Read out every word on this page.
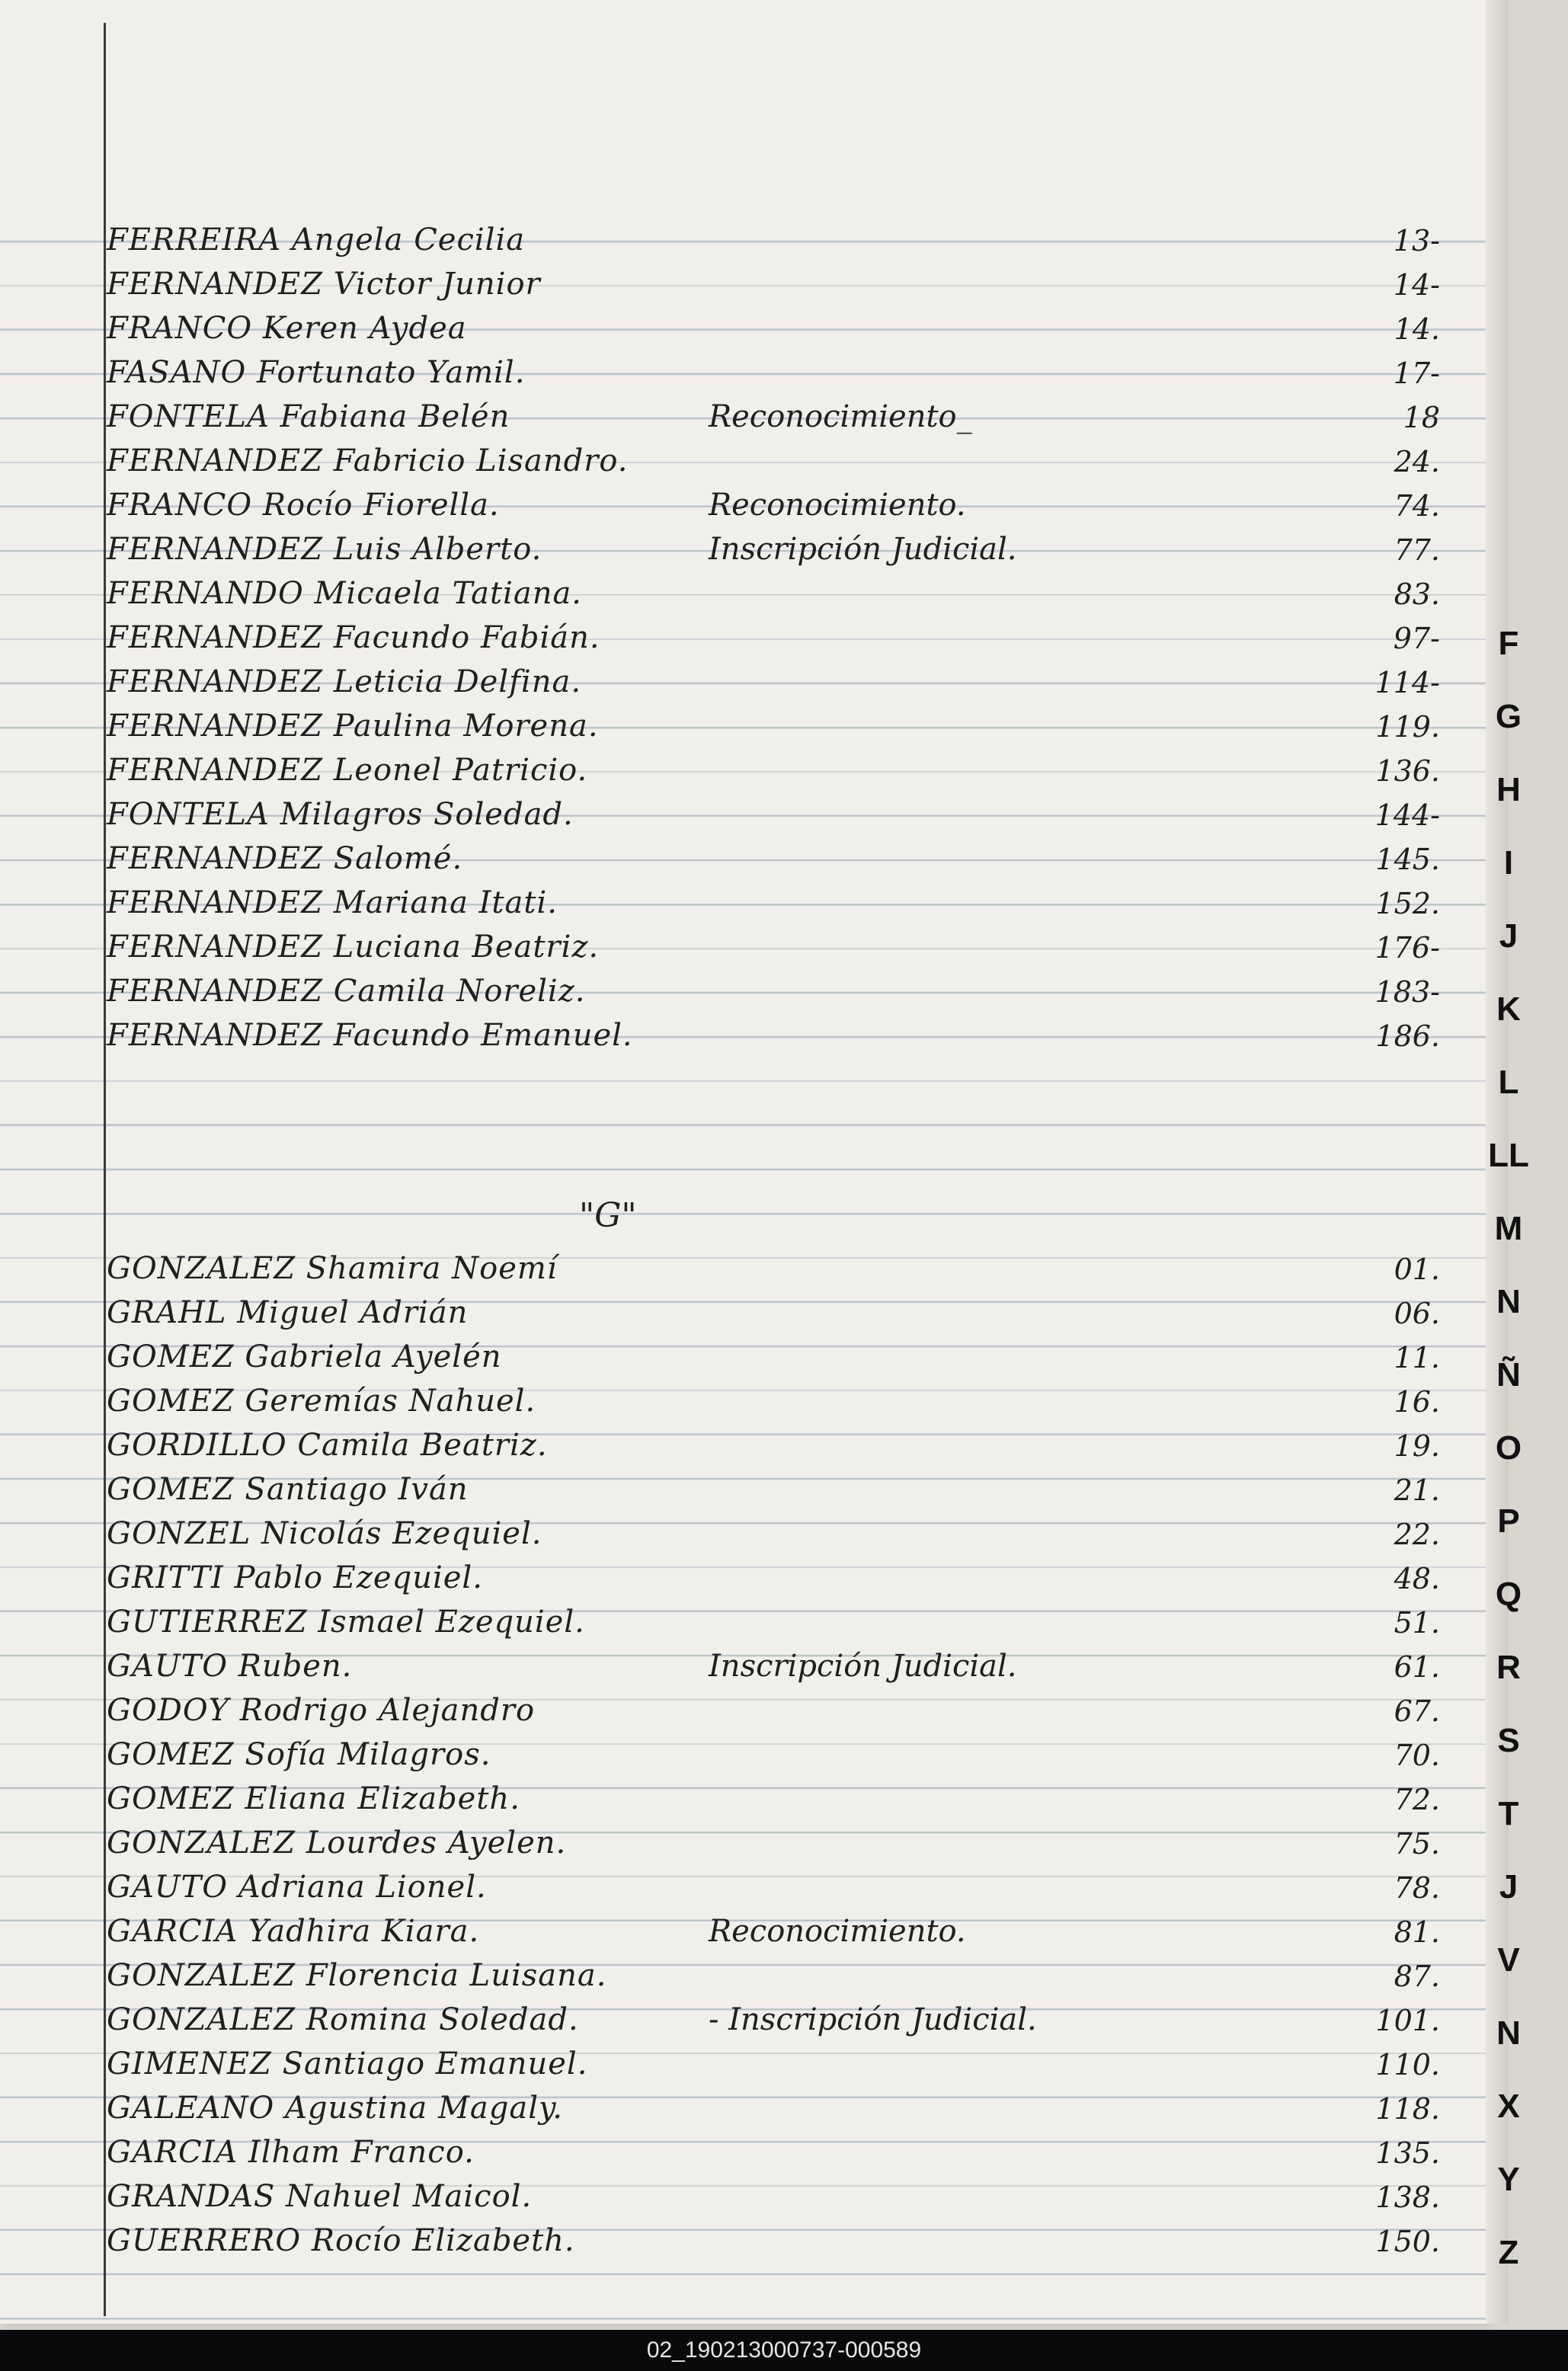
FERREIRA Angela Cecilia	13-
FERNANDEZ Victor Junior	14-
FRANCO Keren Aydea	14.
FASANO Fortunato Yamil.	17-
FONTELA Fabiana Belén	Reconocimiento_	18
FERNANDEZ Fabricio Lisandro.	24.
FRANCO Rocío Fiorella.	Reconocimiento.	74.
FERNANDEZ Luis Alberto.	Inscripción Judicial.	77.
FERNANDO Micaela Tatiana.	83.
FERNANDEZ Facundo Fabián.	97-
FERNANDEZ Leticia Delfina.	114-
FERNANDEZ Paulina Morena.	119.
FERNANDEZ Leonel Patricio.	136.
FONTELA Milagros Soledad.	144-
FERNANDEZ Salomé.	145.
FERNANDEZ Mariana Itati.	152.
FERNANDEZ Luciana Beatriz.	176-
FERNANDEZ Camila Noreliz.	183-
FERNANDEZ Facundo Emanuel.	186.
GONZALEZ Shamira Noemí	01.
GRAHL Miguel Adrián	06.
GOMEZ Gabriela Ayelén	11.
GOMEZ Geremías Nahuel.	16.
GORDILLO Camila Beatriz.	19.
GOMEZ Santiago Iván	21.
GONZEL Nicolás Ezequiel.	22.
GRITTI Pablo Ezequiel.	48.
GUTIERREZ Ismael Ezequiel.	51.
GAUTO Ruben.	Inscripción Judicial.	61.
GODOY Rodrigo Alejandro	67.
GOMEZ Sofía Milagros.	70.
GOMEZ Eliana Elizabeth.	72.
GONZALEZ Lourdes Ayelen.	75.
GAUTO Adriana Lionel.	78.
GARCIA Yadhira Kiara.	Reconocimiento.	81.
GONZALEZ Florencia Luisana.	87.
GONZALEZ Romina Soledad.	- Inscripción Judicial.	101.
GIMENEZ Santiago Emanuel.	110.
GALEANO Agustina Magaly.	118.
GARCIA Ilham Franco.	135.
GRANDAS Nahuel Maicol.	138.
GUERRERO Rocío Elizabeth.	150.
"G"
F
G
H
I
J
K
L
LL
M
N
Ñ
O
P
Q
R
S
T
J
V
N
X
Y
Z
02_190213000737-000589
